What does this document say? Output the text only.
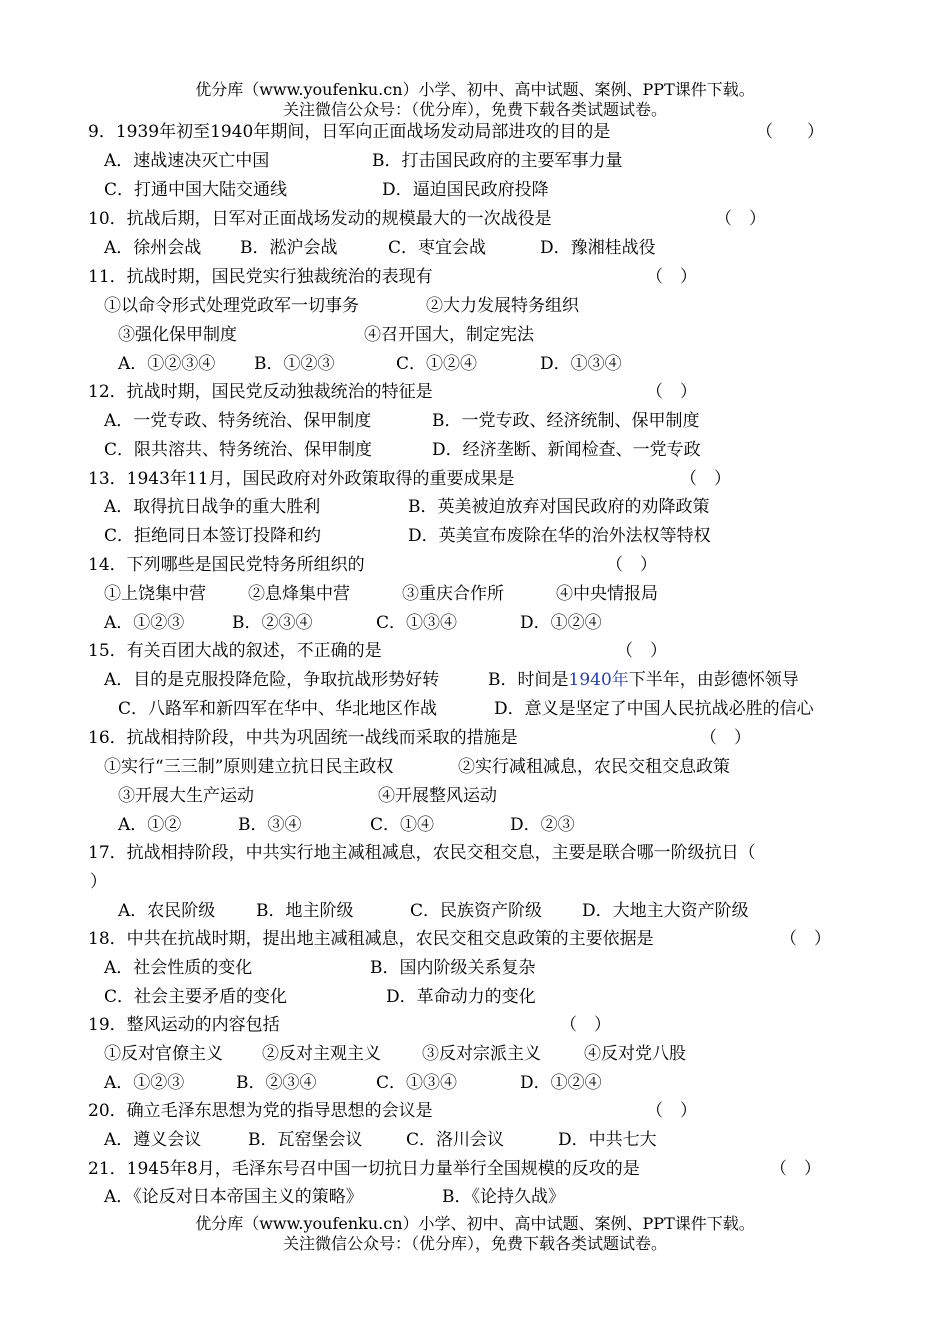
优分库（www.youfenku.cn）小学、初中、高中试题、案例、PPT课件下载。
关注微信公众号：（优分库），免费下载各类试题试卷。
9．1939年初至1940年期间，日军向正面战场发动局部进攻的目的是	（　　）
A．速战速决灭亡中国	B．打击国民政府的主要军事力量
C．打通中国大陆交通线	D．逼迫国民政府投降
10．抗战后期，日军对正面战场发动的规模最大的一次战役是	（　）
A．徐州会战 B．淞沪会战	C．枣宜会战	D．豫湘桂战役
11．抗战时期，国民党实行独裁统治的表现有	（　）
①以命令形式处理党政军一切事务	②大力发展特务组织
③强化保甲制度	④召开国大，制定宪法
A．①②③④ B．①②③	C．①②④	D．①③④
12．抗战时期，国民党反动独裁统治的特征是	（　）
A．一党专政、特务统治、保甲制度	B．一党专政、经济统制、保甲制度
C．限共溶共、特务统治、保甲制度	D．经济垄断、新闻检查、一党专政
13．1943年11月，国民政府对外政策取得的重要成果是	（　）
A．取得抗日战争的重大胜利	B．英美被迫放弃对国民政府的劝降政策
C．拒绝同日本签订投降和约	D．英美宣布废除在华的治外法权等特权
14．下列哪些是国民党特务所组织的	（　）
①上饶集中营 ②息烽集中营	③重庆合作所	④中央情报局
A．①②③	B．②③④	C．①③④	D．①②④
15．有关百团大战的叙述，不正确的是	（　）
A．目的是克服投降危险，争取抗战形势好转	B．时间是1940年下半年，由彭德怀领导
C．八路军和新四军在华中、华北地区作战	D．意义是坚定了中国人民抗战必胜的信心
16．抗战相持阶段，中共为巩固统一战线而采取的措施是	（　）
①实行“三三制”原则建立抗日民主政权	②实行减租减息，农民交租交息政策
③开展大生产运动	④开展整风运动
A．①②	B．③④	C．①④	D．②③
17．抗战相持阶段，中共实行地主减租减息，农民交租交息，主要是联合哪一阶级抗日（
）
A．农民阶级 B．地主阶级	C．民族资产阶级 D．大地主大资产阶级
18．中共在抗战时期，提出地主减租减息，农民交租交息政策的主要依据是	（　）
A．社会性质的变化	B．国内阶级关系复杂
C．社会主要矛盾的变化	D．革命动力的变化
19．整风运动的内容包括	（　）
①反对官僚主义 ②反对主观主义 ③反对宗派主义	④反对党八股
A．①②③	B．②③④	C．①③④	D．①②④
20．确立毛泽东思想为党的指导思想的会议是	（　）
A．遵义会议	B．瓦窑堡会议	C．洛川会议	D．中共七大
21．1945年8月，毛泽东号召中国一切抗日力量举行全国规模的反攻的是	（　）
A．《论反对日本帝国主义的策略》	B．《论持久战》
优分库（www.youfenku.cn）小学、初中、高中试题、案例、PPT课件下载。
关注微信公众号：（优分库），免费下载各类试题试卷。
